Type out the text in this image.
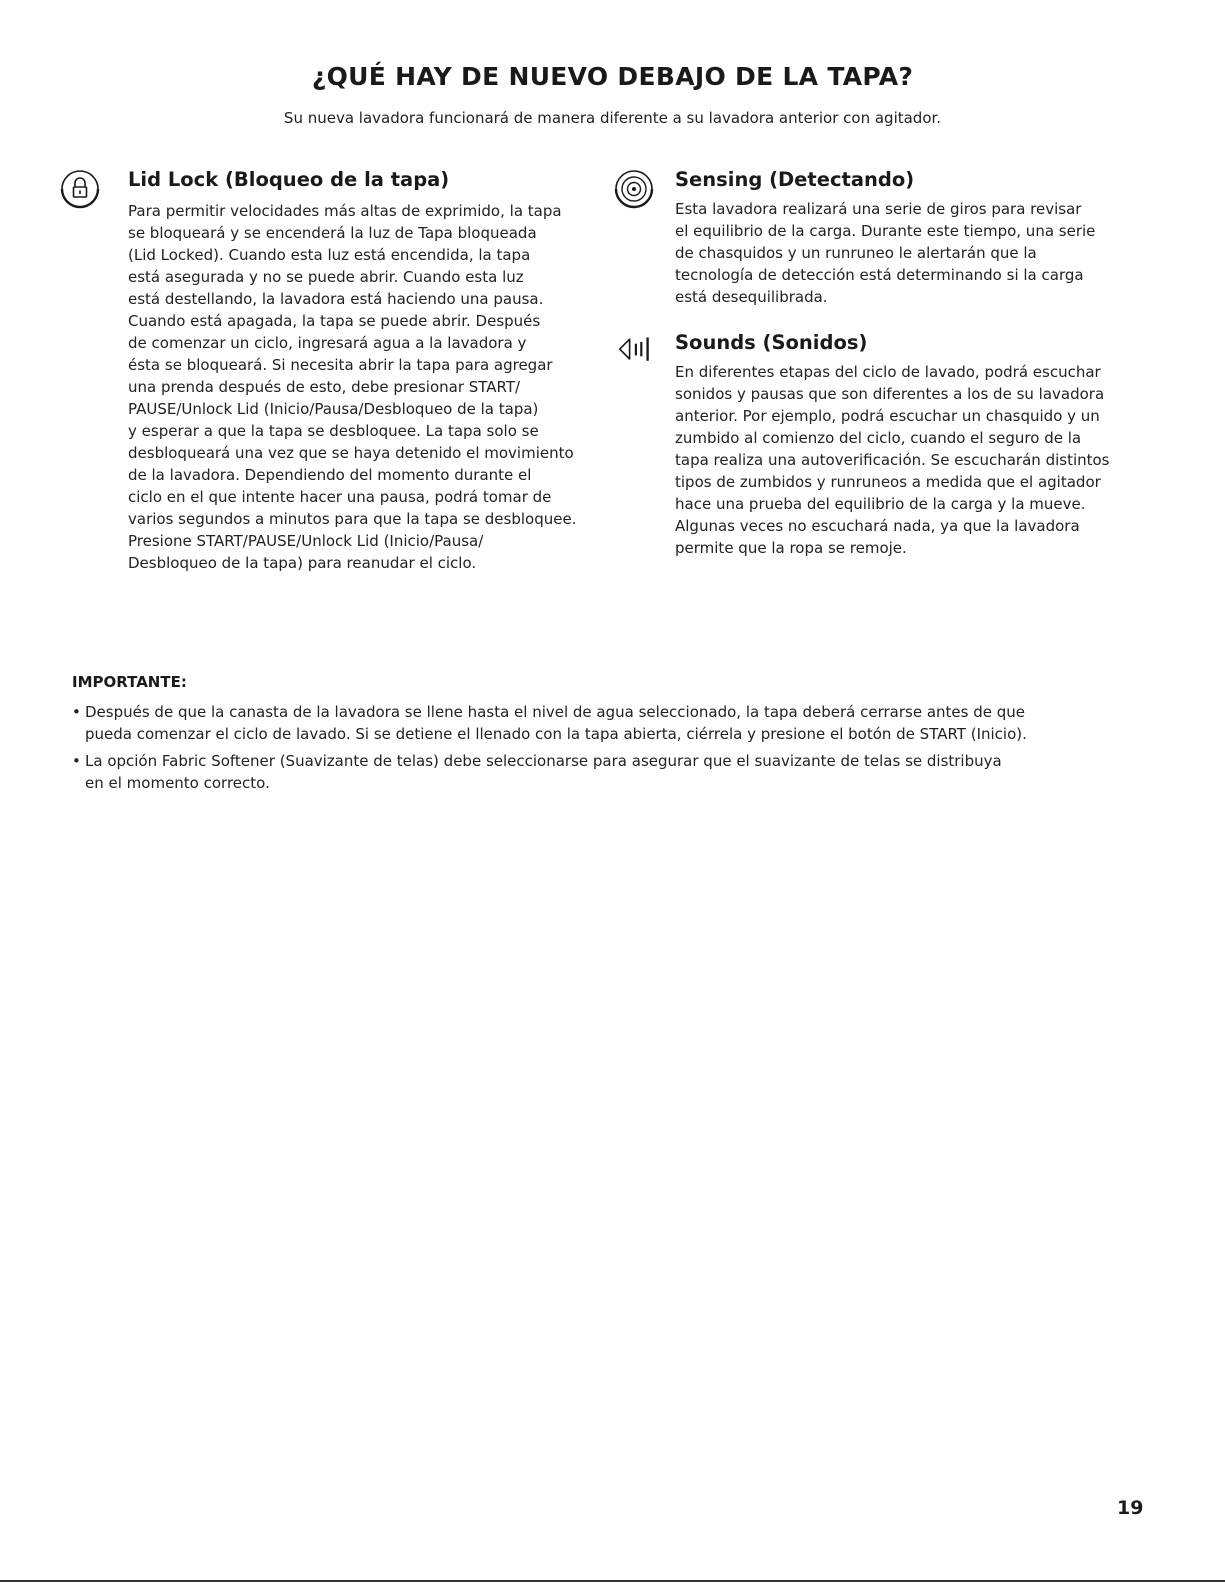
¿QUÉ HAY DE NUEVO DEBAJO DE LA TAPA?
Su nueva lavadora funcionará de manera diferente a su lavadora anterior con agitador.
Lid Lock (Bloqueo de la tapa)
Para permitir velocidades más altas de exprimido, la tapa
se bloqueará y se encenderá la luz de Tapa bloqueada
(Lid Locked). Cuando esta luz está encendida, la tapa
está asegurada y no se puede abrir. Cuando esta luz
está destellando, la lavadora está haciendo una pausa.
Cuando está apagada, la tapa se puede abrir. Después
de comenzar un ciclo, ingresará agua a la lavadora y
ésta se bloqueará. Si necesita abrir la tapa para agregar
una prenda después de esto, debe presionar START/
PAUSE/Unlock Lid (Inicio/Pausa/Desbloqueo de la tapa)
y esperar a que la tapa se desbloquee. La tapa solo se
desbloqueará una vez que se haya detenido el movimiento
de la lavadora. Dependiendo del momento durante el
ciclo en el que intente hacer una pausa, podrá tomar de
varios segundos a minutos para que la tapa se desbloquee.
Presione START/PAUSE/Unlock Lid (Inicio/Pausa/
Desbloqueo de la tapa) para reanudar el ciclo.
Sensing (Detectando)
Esta lavadora realizará una serie de giros para revisar
el equilibrio de la carga. Durante este tiempo, una serie
de chasquidos y un runruneo le alertarán que la
tecnología de detección está determinando si la carga
está desequilibrada.
Sounds (Sonidos)
En diferentes etapas del ciclo de lavado, podrá escuchar
sonidos y pausas que son diferentes a los de su lavadora
anterior. Por ejemplo, podrá escuchar un chasquido y un
zumbido al comienzo del ciclo, cuando el seguro de la
tapa realiza una autoverificación. Se escucharán distintos
tipos de zumbidos y runruneos a medida que el agitador
hace una prueba del equilibrio de la carga y la mueve.
Algunas veces no escuchará nada, ya que la lavadora
permite que la ropa se remoje.
IMPORTANTE:
• Después de que la canasta de la lavadora se llene hasta el nivel de agua seleccionado, la tapa deberá cerrarse antes de que
pueda comenzar el ciclo de lavado. Si se detiene el llenado con la tapa abierta, ciérrela y presione el botón de START (Inicio).
• La opción Fabric Softener (Suavizante de telas) debe seleccionarse para asegurar que el suavizante de telas se distribuya
en el momento correcto.
19
